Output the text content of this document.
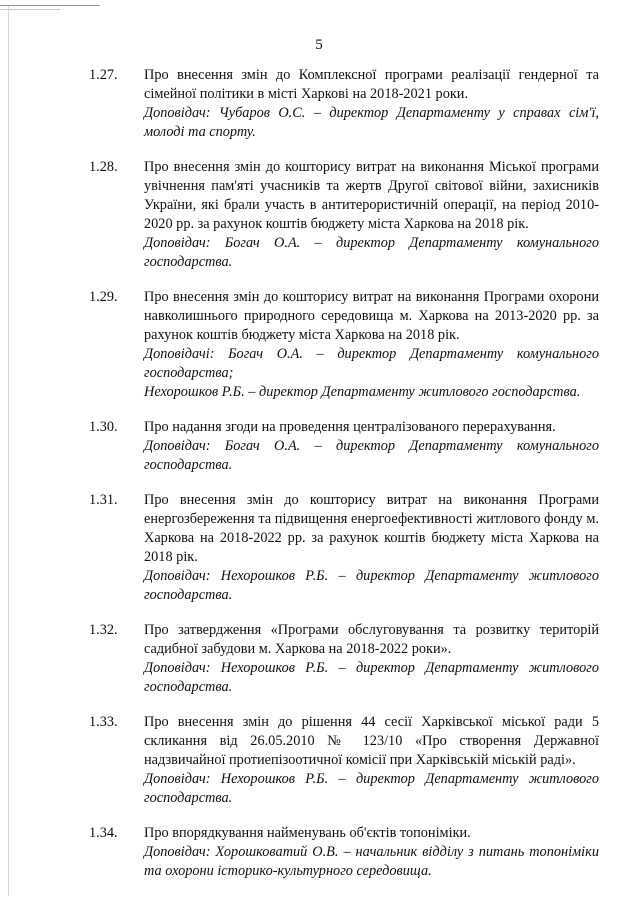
5
1.27.	Про внесення змін до Комплексної програми реалізації гендерної та сімейної політики в місті Харкові на 2018-2021 роки.

Доповідач: Чубаров О.С. – директор Департаменту у справах сім'ї, молоді та спорту.

1.28.	Про внесення змін до кошторису витрат на виконання Міської програми увічнення пам'яті учасників та жертв Другої світової війни, захисників України, які брали участь в антитерористичній операції, на період 2010-2020 рр. за рахунок коштів бюджету міста Харкова на 2018 рік.

Доповідач: Богач О.А. – директор Департаменту комунального господарства.

1.29.	Про внесення змін до кошторису витрат на виконання Програми охорони навколишнього природного середовища м. Харкова на 2013-2020 рр. за рахунок коштів бюджету міста Харкова на 2018 рік.

Доповідачі: Богач О.А. – директор Департаменту комунального господарства;

Нехорошков Р.Б. – директор Департаменту житлового господарства.

1.30.	Про надання згоди на проведення централізованого перерахування.

Доповідач: Богач О.А. – директор Департаменту комунального господарства.

1.31.	Про внесення змін до кошторису витрат на виконання Програми енергозбереження та підвищення енергоефективності житлового фонду м. Харкова на 2018-2022 рр. за рахунок коштів бюджету міста Харкова на 2018 рік.

Доповідач: Нехорошков Р.Б. – директор Департаменту житлового господарства.

1.32.	Про затвердження «Програми обслуговування та розвитку територій садибної забудови м. Харкова на 2018-2022 роки».

Доповідач: Нехорошков Р.Б. – директор Департаменту житлового господарства.

1.33.	Про внесення змін до рішення 44 сесії Харківської міської ради 5 скликання від 26.05.2010 № 123/10 «Про створення Державної надзвичайної протиепізоотичної комісії при Харківській міській раді».

Доповідач: Нехорошков Р.Б. – директор Департаменту житлового господарства.

1.34.	Про впорядкування найменувань об'єктів топоніміки.

Доповідач: Хорошковатий О.В. – начальник відділу з питань топоніміки та охорони історико-культурного середовища.
